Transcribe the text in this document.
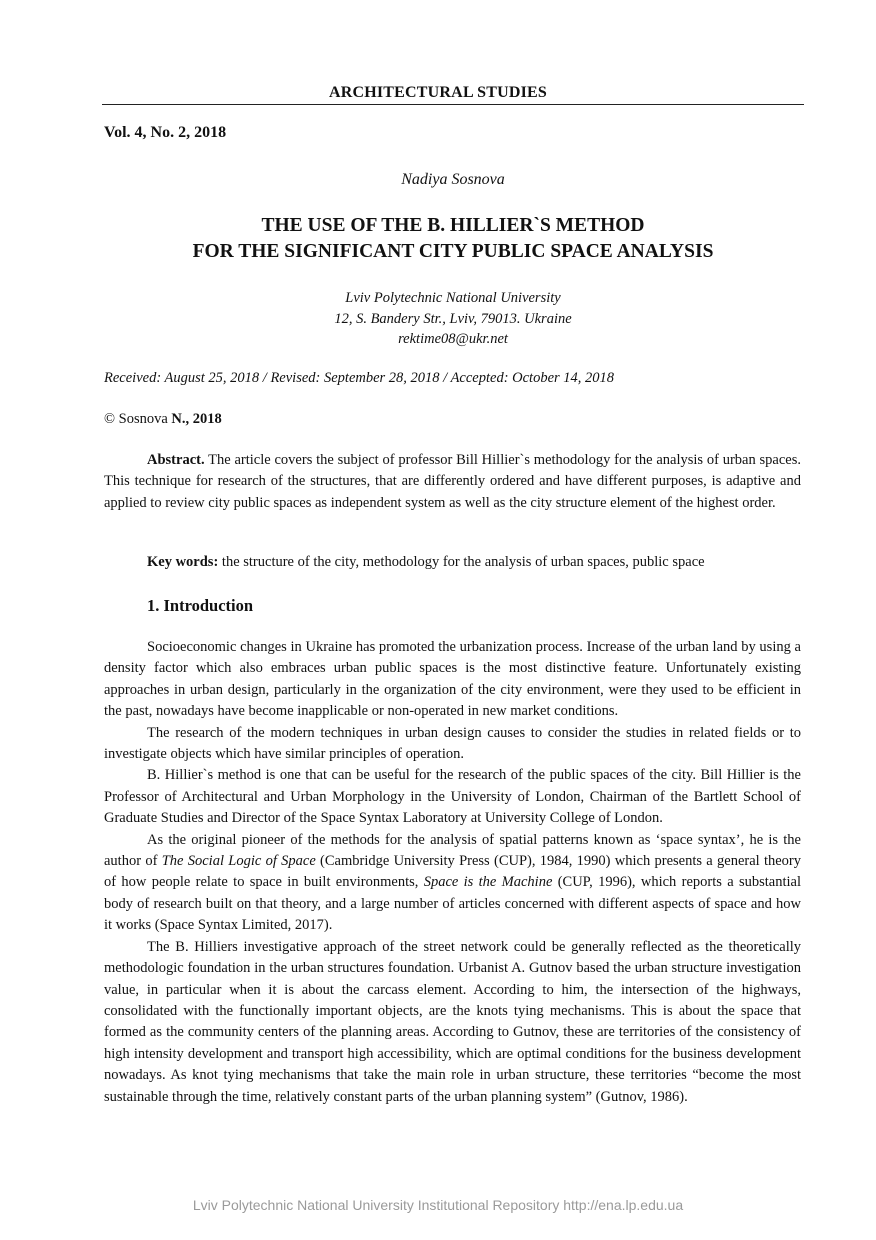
ARCHITECTURAL STUDIES
Vol. 4, No. 2, 2018
Nadiya Sosnova
THE USE OF THE B. HILLIER`S METHOD
FOR THE SIGNIFICANT CITY PUBLIC SPACE ANALYSIS
Lviv Polytechnic National University
12, S. Bandery Str., Lviv, 79013. Ukraine
rektime08@ukr.net
Received: August 25, 2018 / Revised: September 28, 2018 / Accepted: October 14, 2018
© Sosnova N., 2018

Abstract. The article covers the subject of professor Bill Hillier`s methodology for the analysis of urban spaces. This technique for research of the structures, that are differently ordered and have different purposes, is adaptive and applied to review city public spaces as independent system as well as the city structure element of the highest order.

Key words: the structure of the city, methodology for the analysis of urban spaces, public space

1. Introduction

Socioeconomic changes in Ukraine has promoted the urbanization process. Increase of the urban land by using a density factor which also embraces urban public spaces is the most distinctive feature. Unfortunately existing approaches in urban design, particularly in the organization of the city environment, were they used to be efficient in the past, nowadays have become inapplicable or non-operated in new market conditions.

The research of the modern techniques in urban design causes to consider the studies in related fields or to investigate objects which have similar principles of operation.

B. Hillier`s method is one that can be useful for the research of the public spaces of the city. Bill Hillier is the Professor of Architectural and Urban Morphology in the University of London, Chairman of the Bartlett School of Graduate Studies and Director of the Space Syntax Laboratory at University College of London.

As the original pioneer of the methods for the analysis of spatial patterns known as ‘space syntax’, he is the author of The Social Logic of Space (Cambridge University Press (CUP), 1984, 1990) which presents a general theory of how people relate to space in built environments, Space is the Machine (CUP, 1996), which reports a substantial body of research built on that theory, and a large number of articles concerned with different aspects of space and how it works (Space Syntax Limited, 2017).

The B. Hilliers investigative approach of the street network could be generally reflected as the theoretically methodologic foundation in the urban structures foundation. Urbanist A. Gutnov based the urban structure investigation value, in particular when it is about the carcass element. According to him, the intersection of the highways, consolidated with the functionally important objects, are the knots tying mechanisms. This is about the space that formed as the community centers of the planning areas. According to Gutnov, these are territories of the consistency of high intensity development and transport high accessibility, which are optimal conditions for the business development nowadays. As knot tying mechanisms that take the main role in urban structure, these territories “become the most sustainable through the time, relatively constant parts of the urban planning system” (Gutnov, 1986).

Lviv Polytechnic National University Institutional Repository http://ena.lp.edu.ua
